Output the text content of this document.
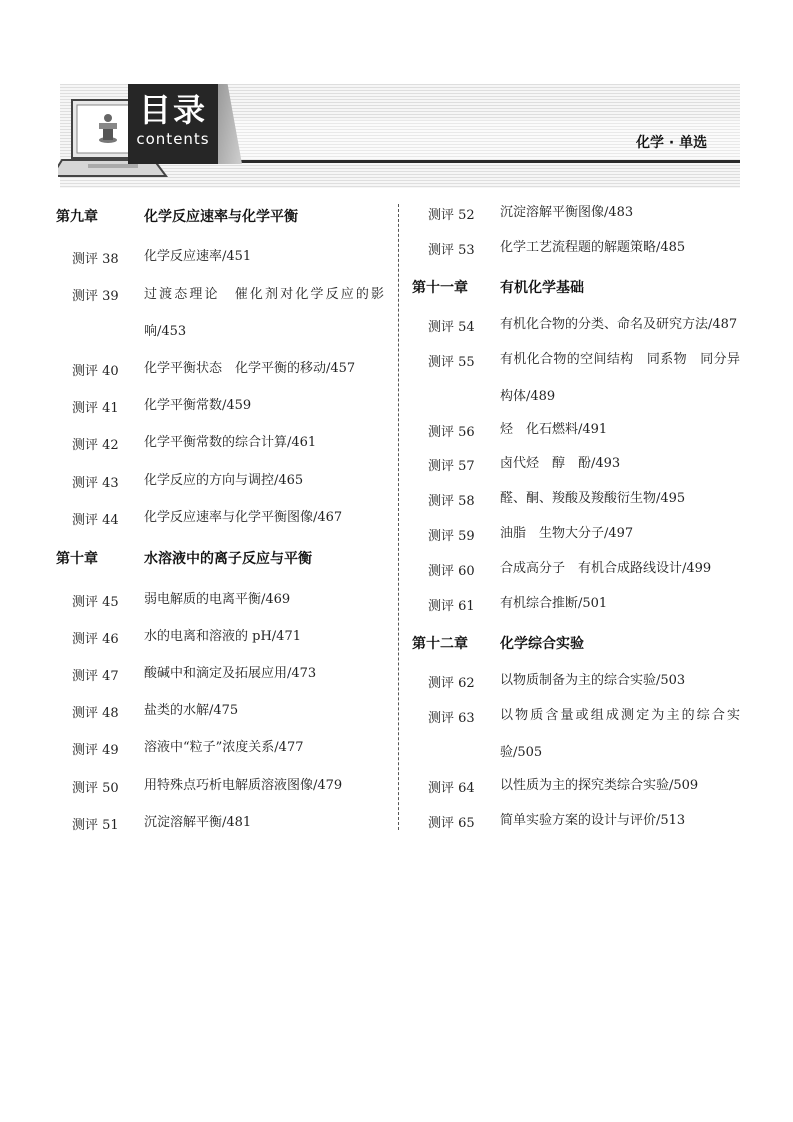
目录
contents	化学 · 单选
第九章	化学反应速率与化学平衡
测评 38 化学反应速率/451
测评 39 过渡态理论　催化剂对化学反应的影响/453
测评 40 化学平衡状态　化学平衡的移动/457
测评 41 化学平衡常数/459
测评 42 化学平衡常数的综合计算/461
测评 43 化学反应的方向与调控/465
测评 44 化学反应速率与化学平衡图像/467
第十章	水溶液中的离子反应与平衡
测评 45 弱电解质的电离平衡/469
测评 46 水的电离和溶液的 pH/471
测评 47 酸碱中和滴定及拓展应用/473
测评 48 盐类的水解/475
测评 49 溶液中“粒子”浓度关系/477
测评 50 用特殊点巧析电解质溶液图像/479
测评 51 沉淀溶解平衡/481
测评 52 沉淀溶解平衡图像/483
测评 53 化学工艺流程题的解题策略/485
第十一章 有机化学基础
测评 54 有机化合物的分类、命名及研究方法/487
测评 55 有机化合物的空间结构　同系物　同分异构体/489
测评 56 烃　化石燃料/491
测评 57 卤代烃　醇　酚/493
测评 58 醛、酮、羧酸及羧酸衍生物/495
测评 59 油脂　生物大分子/497
测评 60 合成高分子　有机合成路线设计/499
测评 61 有机综合推断/501
第十二章 化学综合实验
测评 62 以物质制备为主的综合实验/503
测评 63 以物质含量或组成测定为主的综合实验/505
测评 64 以性质为主的探究类综合实验/509
测评 65 简单实验方案的设计与评价/513
